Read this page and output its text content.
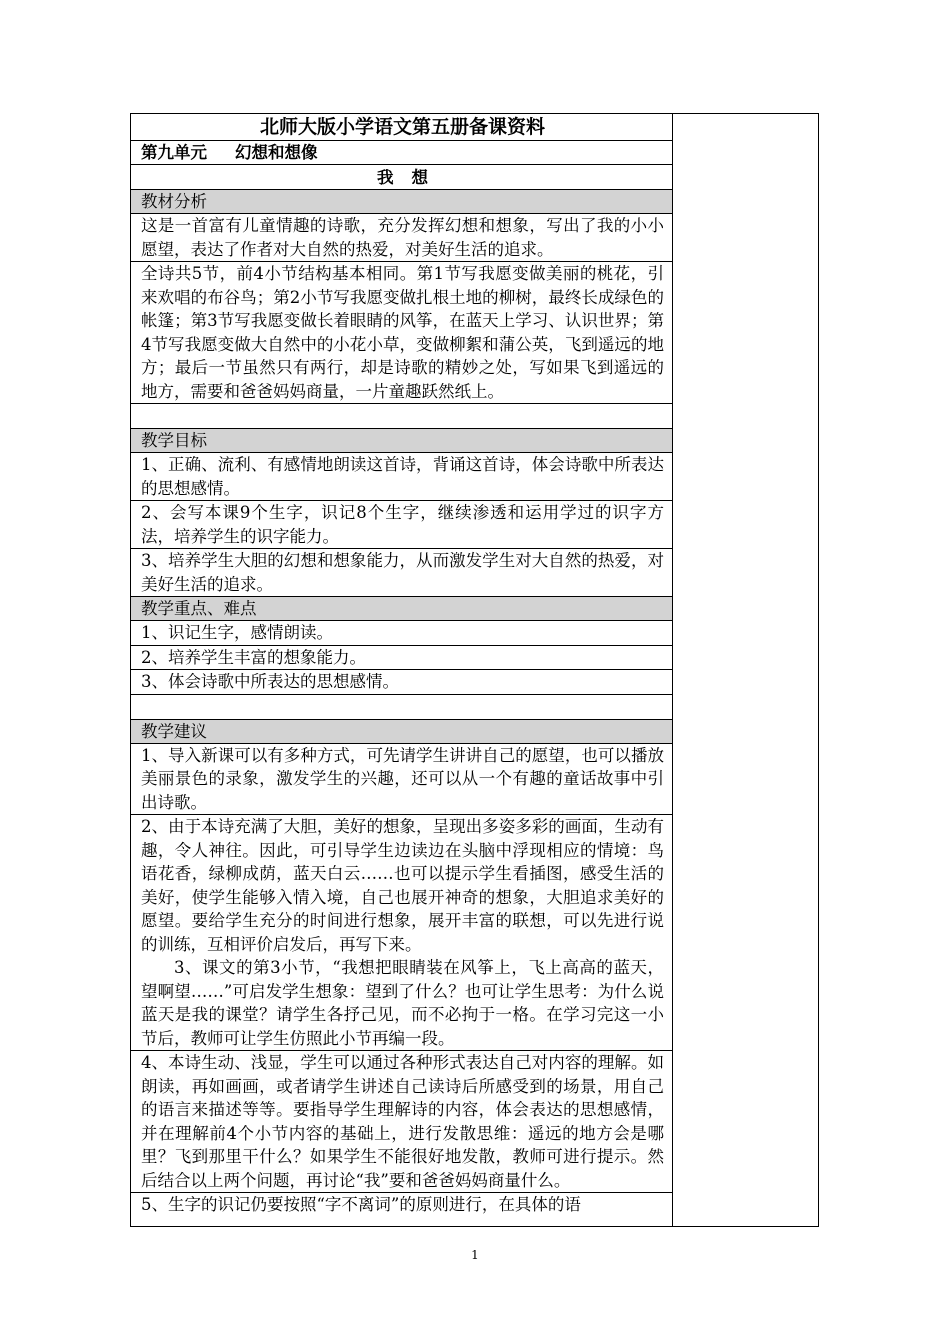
北师大版小学语文第五册备课资料
第九单元 幻想和想像
我 想
教材分析
这是一首富有儿童情趣的诗歌，充分发挥幻想和想象，写出了我的小小愿望，表达了作者对大自然的热爱，对美好生活的追求。
全诗共5节，前4小节结构基本相同。第1节写我愿变做美丽的桃花，引来欢唱的布谷鸟；第2小节写我愿变做扎根土地的柳树，最终长成绿色的帐篷；第3节写我愿变做长着眼睛的风筝，在蓝天上学习、认识世界；第4节写我愿变做大自然中的小花小草，变做柳絮和蒲公英，飞到遥远的地方；最后一节虽然只有两行，却是诗歌的精妙之处，写如果飞到遥远的地方，需要和爸爸妈妈商量，一片童趣跃然纸上。
教学目标
1、正确、流利、有感情地朗读这首诗，背诵这首诗，体会诗歌中所表达的思想感情。
2、会写本课9个生字，识记8个生字，继续渗透和运用学过的识字方法，培养学生的识字能力。
3、培养学生大胆的幻想和想象能力，从而激发学生对大自然的热爱，对美好生活的追求。
教学重点、难点
1、识记生字，感情朗读。
2、培养学生丰富的想象能力。
3、体会诗歌中所表达的思想感情。
教学建议
1、导入新课可以有多种方式，可先请学生讲讲自己的愿望，也可以播放美丽景色的录象，激发学生的兴趣，还可以从一个有趣的童话故事中引出诗歌。
2、由于本诗充满了大胆，美好的想象，呈现出多姿多彩的画面，生动有趣，令人神往。因此，可引导学生边读边在头脑中浮现相应的情境：鸟语花香，绿柳成荫，蓝天白云……也可以提示学生看插图，感受生活的美好，使学生能够入情入境，自己也展开神奇的想象，大胆追求美好的愿望。要给学生充分的时间进行想象，展开丰富的联想，可以先进行说的训练，互相评价启发后，再写下来。
3、课文的第3小节，“我想把眼睛装在风筝上，飞上高高的蓝天，望啊望……”可启发学生想象：望到了什么？也可让学生思考：为什么说蓝天是我的课堂？请学生各抒己见，而不必拘于一格。在学习完这一小节后，教师可让学生仿照此小节再编一段。
4、本诗生动、浅显，学生可以通过各种形式表达自己对内容的理解。如朗读，再如画画，或者请学生讲述自己读诗后所感受到的场景，用自己的语言来描述等等。要指导学生理解诗的内容，体会表达的思想感情，并在理解前4个小节内容的基础上，进行发散思维：遥远的地方会是哪里？飞到那里干什么？如果学生不能很好地发散，教师可进行提示。然后结合以上两个问题，再讨论“我”要和爸爸妈妈商量什么。
5、生字的识记仍要按照“字不离词”的原则进行，在具体的语
1
